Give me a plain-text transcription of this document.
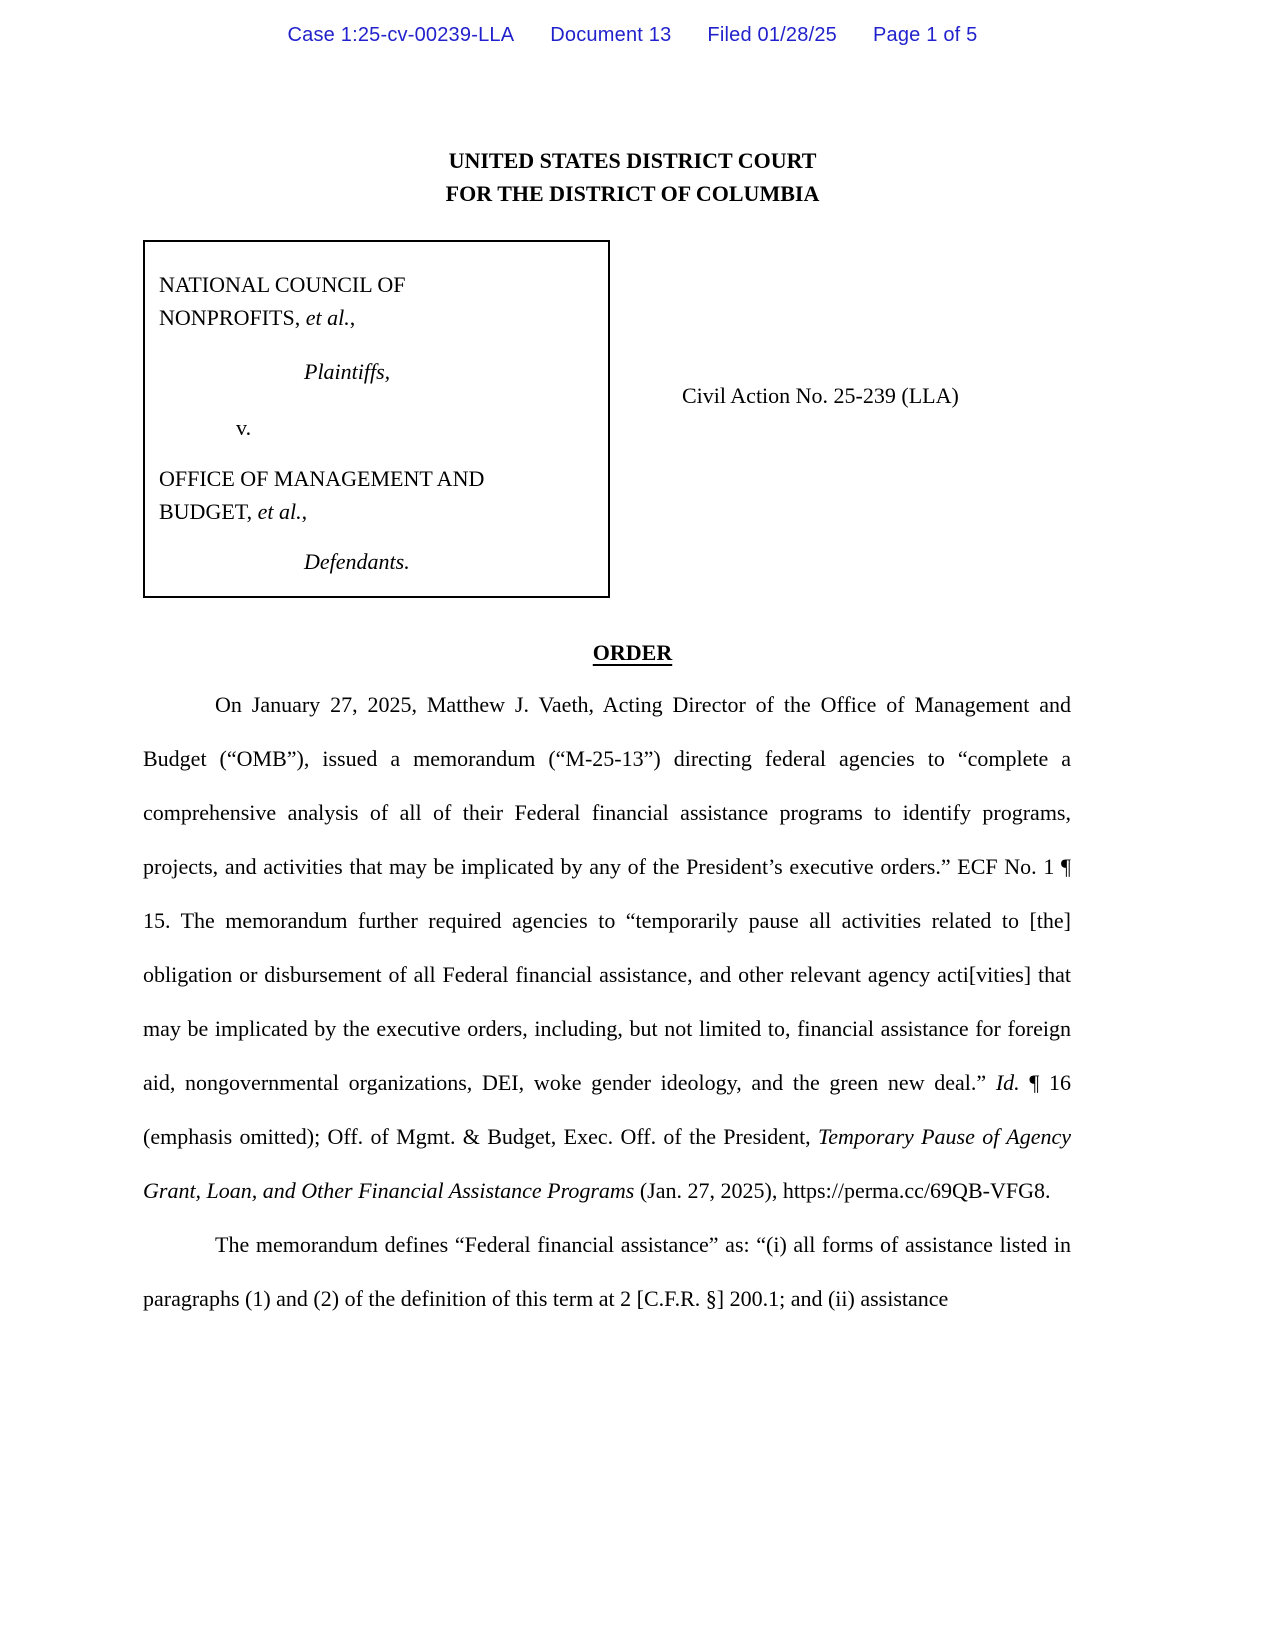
Case 1:25-cv-00239-LLA Document 13 Filed 01/28/25 Page 1 of 5
UNITED STATES DISTRICT COURT
FOR THE DISTRICT OF COLUMBIA
NATIONAL COUNCIL OF
NONPROFITS, et al.,
Plaintiffs,
v.
OFFICE OF MANAGEMENT AND
BUDGET, et al.,
Defendants.
Civil Action No. 25-239 (LLA)
ORDER
On January 27, 2025, Matthew J. Vaeth, Acting Director of the Office of Management and Budget (“OMB”), issued a memorandum (“M-25-13”) directing federal agencies to “complete a comprehensive analysis of all of their Federal financial assistance programs to identify programs, projects, and activities that may be implicated by any of the President’s executive orders.” ECF No. 1 ¶ 15. The memorandum further required agencies to “temporarily pause all activities related to [the] obligation or disbursement of all Federal financial assistance, and other relevant agency acti[vities] that may be implicated by the executive orders, including, but not limited to, financial assistance for foreign aid, nongovernmental organizations, DEI, woke gender ideology, and the green new deal.” Id. ¶ 16 (emphasis omitted); Off. of Mgmt. & Budget, Exec. Off. of the President, Temporary Pause of Agency Grant, Loan, and Other Financial Assistance Programs (Jan. 27, 2025), https://perma.cc/69QB-VFG8.
The memorandum defines “Federal financial assistance” as: “(i) all forms of assistance listed in paragraphs (1) and (2) of the definition of this term at 2 [C.F.R. §] 200.1; and (ii) assistance
